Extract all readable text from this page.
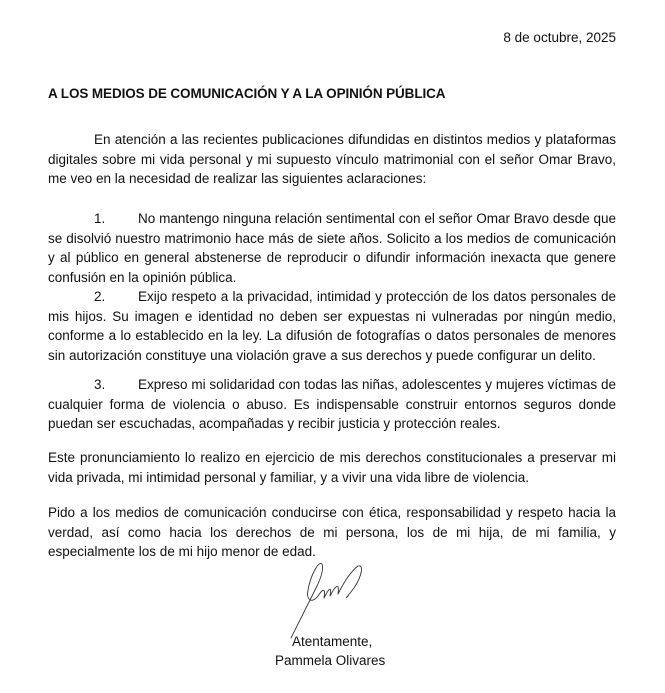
8 de octubre, 2025
A LOS MEDIOS DE COMUNICACIÓN Y A LA OPINIÓN PÚBLICA

En atención a las recientes publicaciones difundidas en distintos medios y plataformas digitales sobre mi vida personal y mi supuesto vínculo matrimonial con el señor Omar Bravo, me veo en la necesidad de realizar las siguientes aclaraciones:

1. No mantengo ninguna relación sentimental con el señor Omar Bravo desde que se disolvió nuestro matrimonio hace más de siete años. Solicito a los medios de comunicación y al público en general abstenerse de reproducir o difundir información inexacta que genere confusión en la opinión pública.

2. Exijo respeto a la privacidad, intimidad y protección de los datos personales de mis hijos. Su imagen e identidad no deben ser expuestas ni vulneradas por ningún medio, conforme a lo establecido en la ley. La difusión de fotografías o datos personales de menores sin autorización constituye una violación grave a sus derechos y puede configurar un delito.

3. Expreso mi solidaridad con todas las niñas, adolescentes y mujeres víctimas de cualquier forma de violencia o abuso. Es indispensable construir entornos seguros donde puedan ser escuchadas, acompañadas y recibir justicia y protección reales.

Este pronunciamiento lo realizo en ejercicio de mis derechos constitucionales a preservar mi vida privada, mi intimidad personal y familiar, y a vivir una vida libre de violencia.

Pido a los medios de comunicación conducirse con ética, responsabilidad y respeto hacia la verdad, así como hacia los derechos de mi persona, los de mi hija, de mi familia, y especialmente los de mi hijo menor de edad.

Atentamente,
Pammela Olivares
